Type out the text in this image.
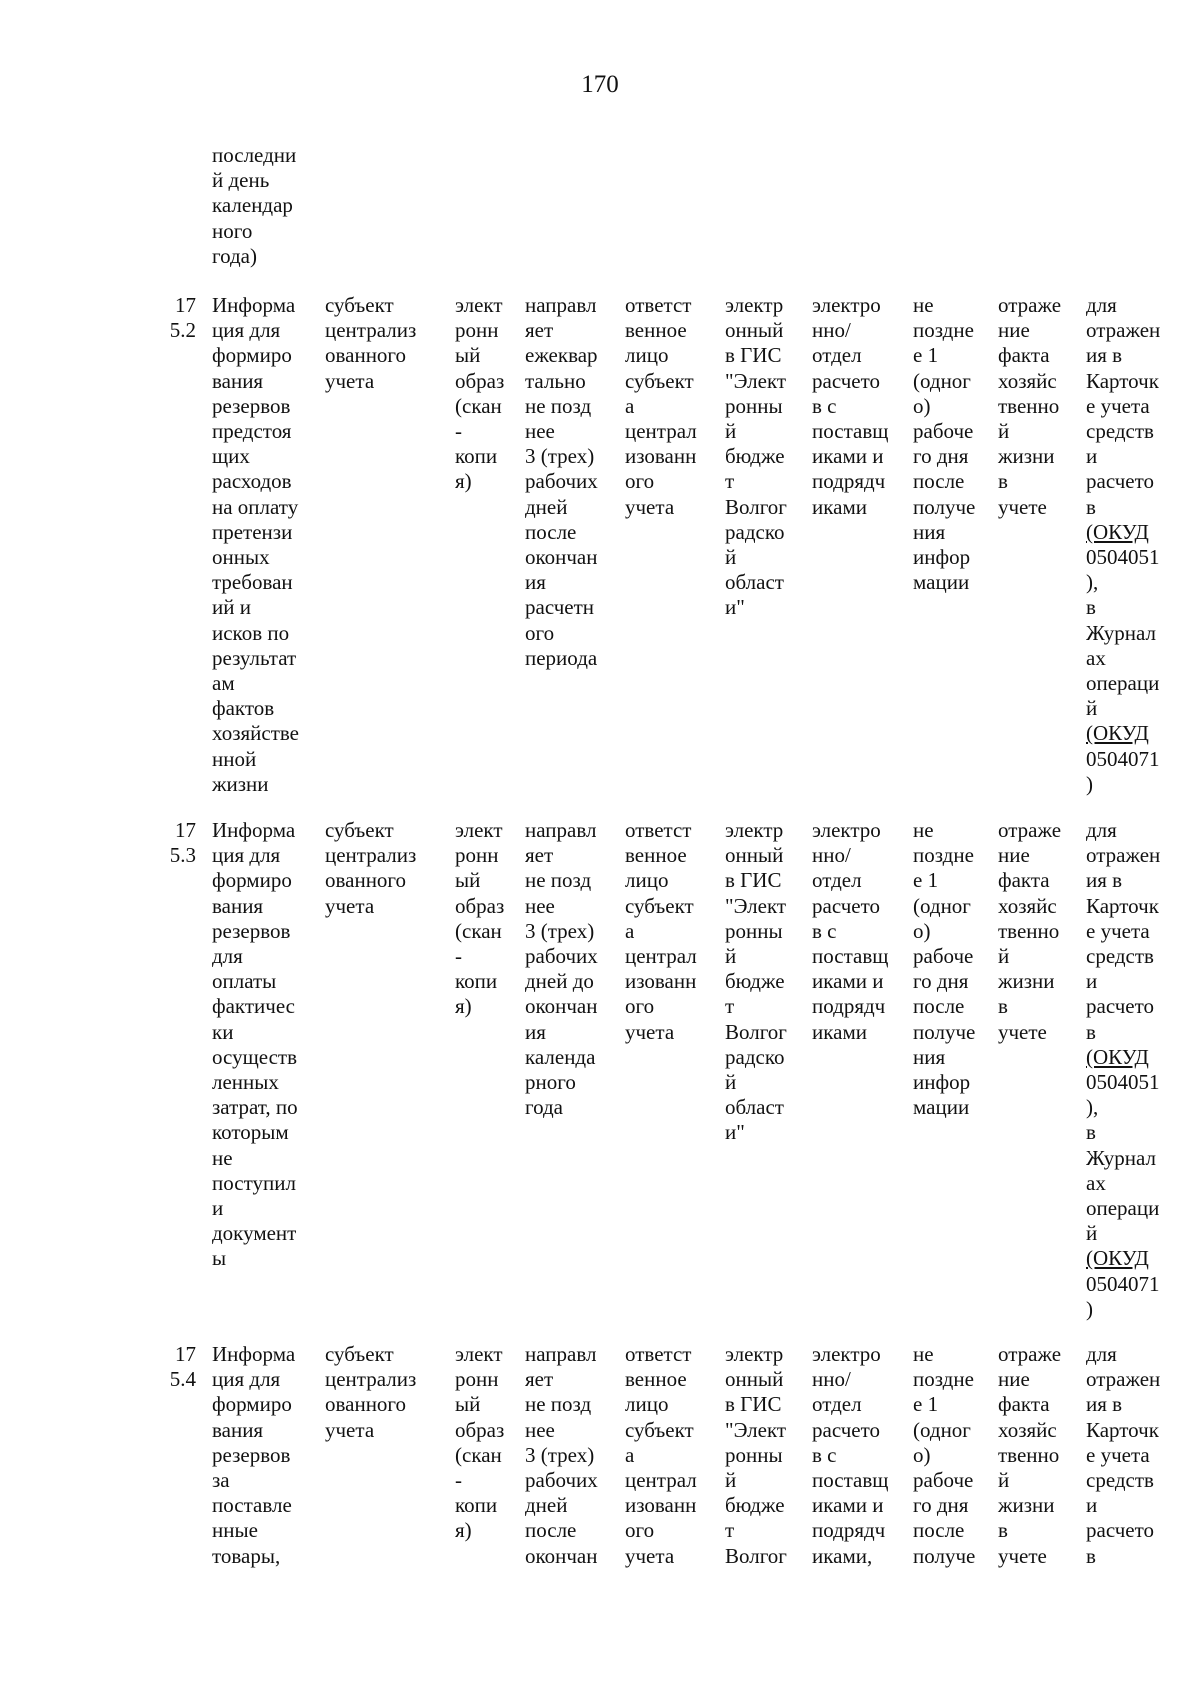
170
последни
й день
календар
ного
года)
17
5.2
Информа
ция для
формиро
вания
резервов
предстоя
щих
расходов
на оплату
претензи
онных
требован
ий и
исков по
результат
ам
фактов
хозяйстве
нной
жизни
субъект
централиз
ованного
учета
элект
ронн
ый
образ
(скан
-
копи
я)
направл
яет
ежеквар
тально
не позд
нее
3 (трех)
рабочих
дней
после
окончан
ия
расчетн
ого
периода
ответст
венное
лицо
субъект
а
централ
изованн
ого
учета
электр
онный
в ГИС
"Элект
ронны
й
бюдже
т
Волгог
радско
й
област
и"
электро
нно/
отдел
расчето
в с
поставщ
иками и
подрядч
иками
не
поздне
е 1
(одног
о)
рабоче
го дня
после
получе
ния
инфор
мации
отраже
ние
факта
хозяйс
твенно
й
жизни
в
учете
для
отражен
ия в
Карточк
е учета
средств
и
расчето
в
(ОКУД
0504051
),
в
Журнал
ах
операци
й
(ОКУД
0504071
)
17
5.3
Информа
ция для
формиро
вания
резервов
для
оплаты
фактичес
ки
осуществ
ленных
затрат, по
которым
не
поступил
и
документ
ы
субъект
централиз
ованного
учета
элект
ронн
ый
образ
(скан
-
копи
я)
направл
яет
не позд
нее
3 (трех)
рабочих
дней до
окончан
ия
календа
рного
года
ответст
венное
лицо
субъект
а
централ
изованн
ого
учета
электр
онный
в ГИС
"Элект
ронны
й
бюдже
т
Волгог
радско
й
област
и"
электро
нно/
отдел
расчето
в с
поставщ
иками и
подрядч
иками
не
поздне
е 1
(одног
о)
рабоче
го дня
после
получе
ния
инфор
мации
отраже
ние
факта
хозяйс
твенно
й
жизни
в
учете
для
отражен
ия в
Карточк
е учета
средств
и
расчето
в
(ОКУД
0504051
),
в
Журнал
ах
операци
й
(ОКУД
0504071
)
17
5.4
Информа
ция для
формиро
вания
резервов
за
поставле
нные
товары,
субъект
централиз
ованного
учета
элект
ронн
ый
образ
(скан
-
копи
я)
направл
яет
не позд
нее
3 (трех)
рабочих
дней
после
окончан
ответст
венное
лицо
субъект
а
централ
изованн
ого
учета
электр
онный
в ГИС
"Элект
ронны
й
бюдже
т
Волгог
электро
нно/
отдел
расчето
в с
поставщ
иками и
подрядч
иками,
не
поздне
е 1
(одног
о)
рабоче
го дня
после
получе
отраже
ние
факта
хозяйс
твенно
й
жизни
в
учете
для
отражен
ия в
Карточк
е учета
средств
и
расчето
в
